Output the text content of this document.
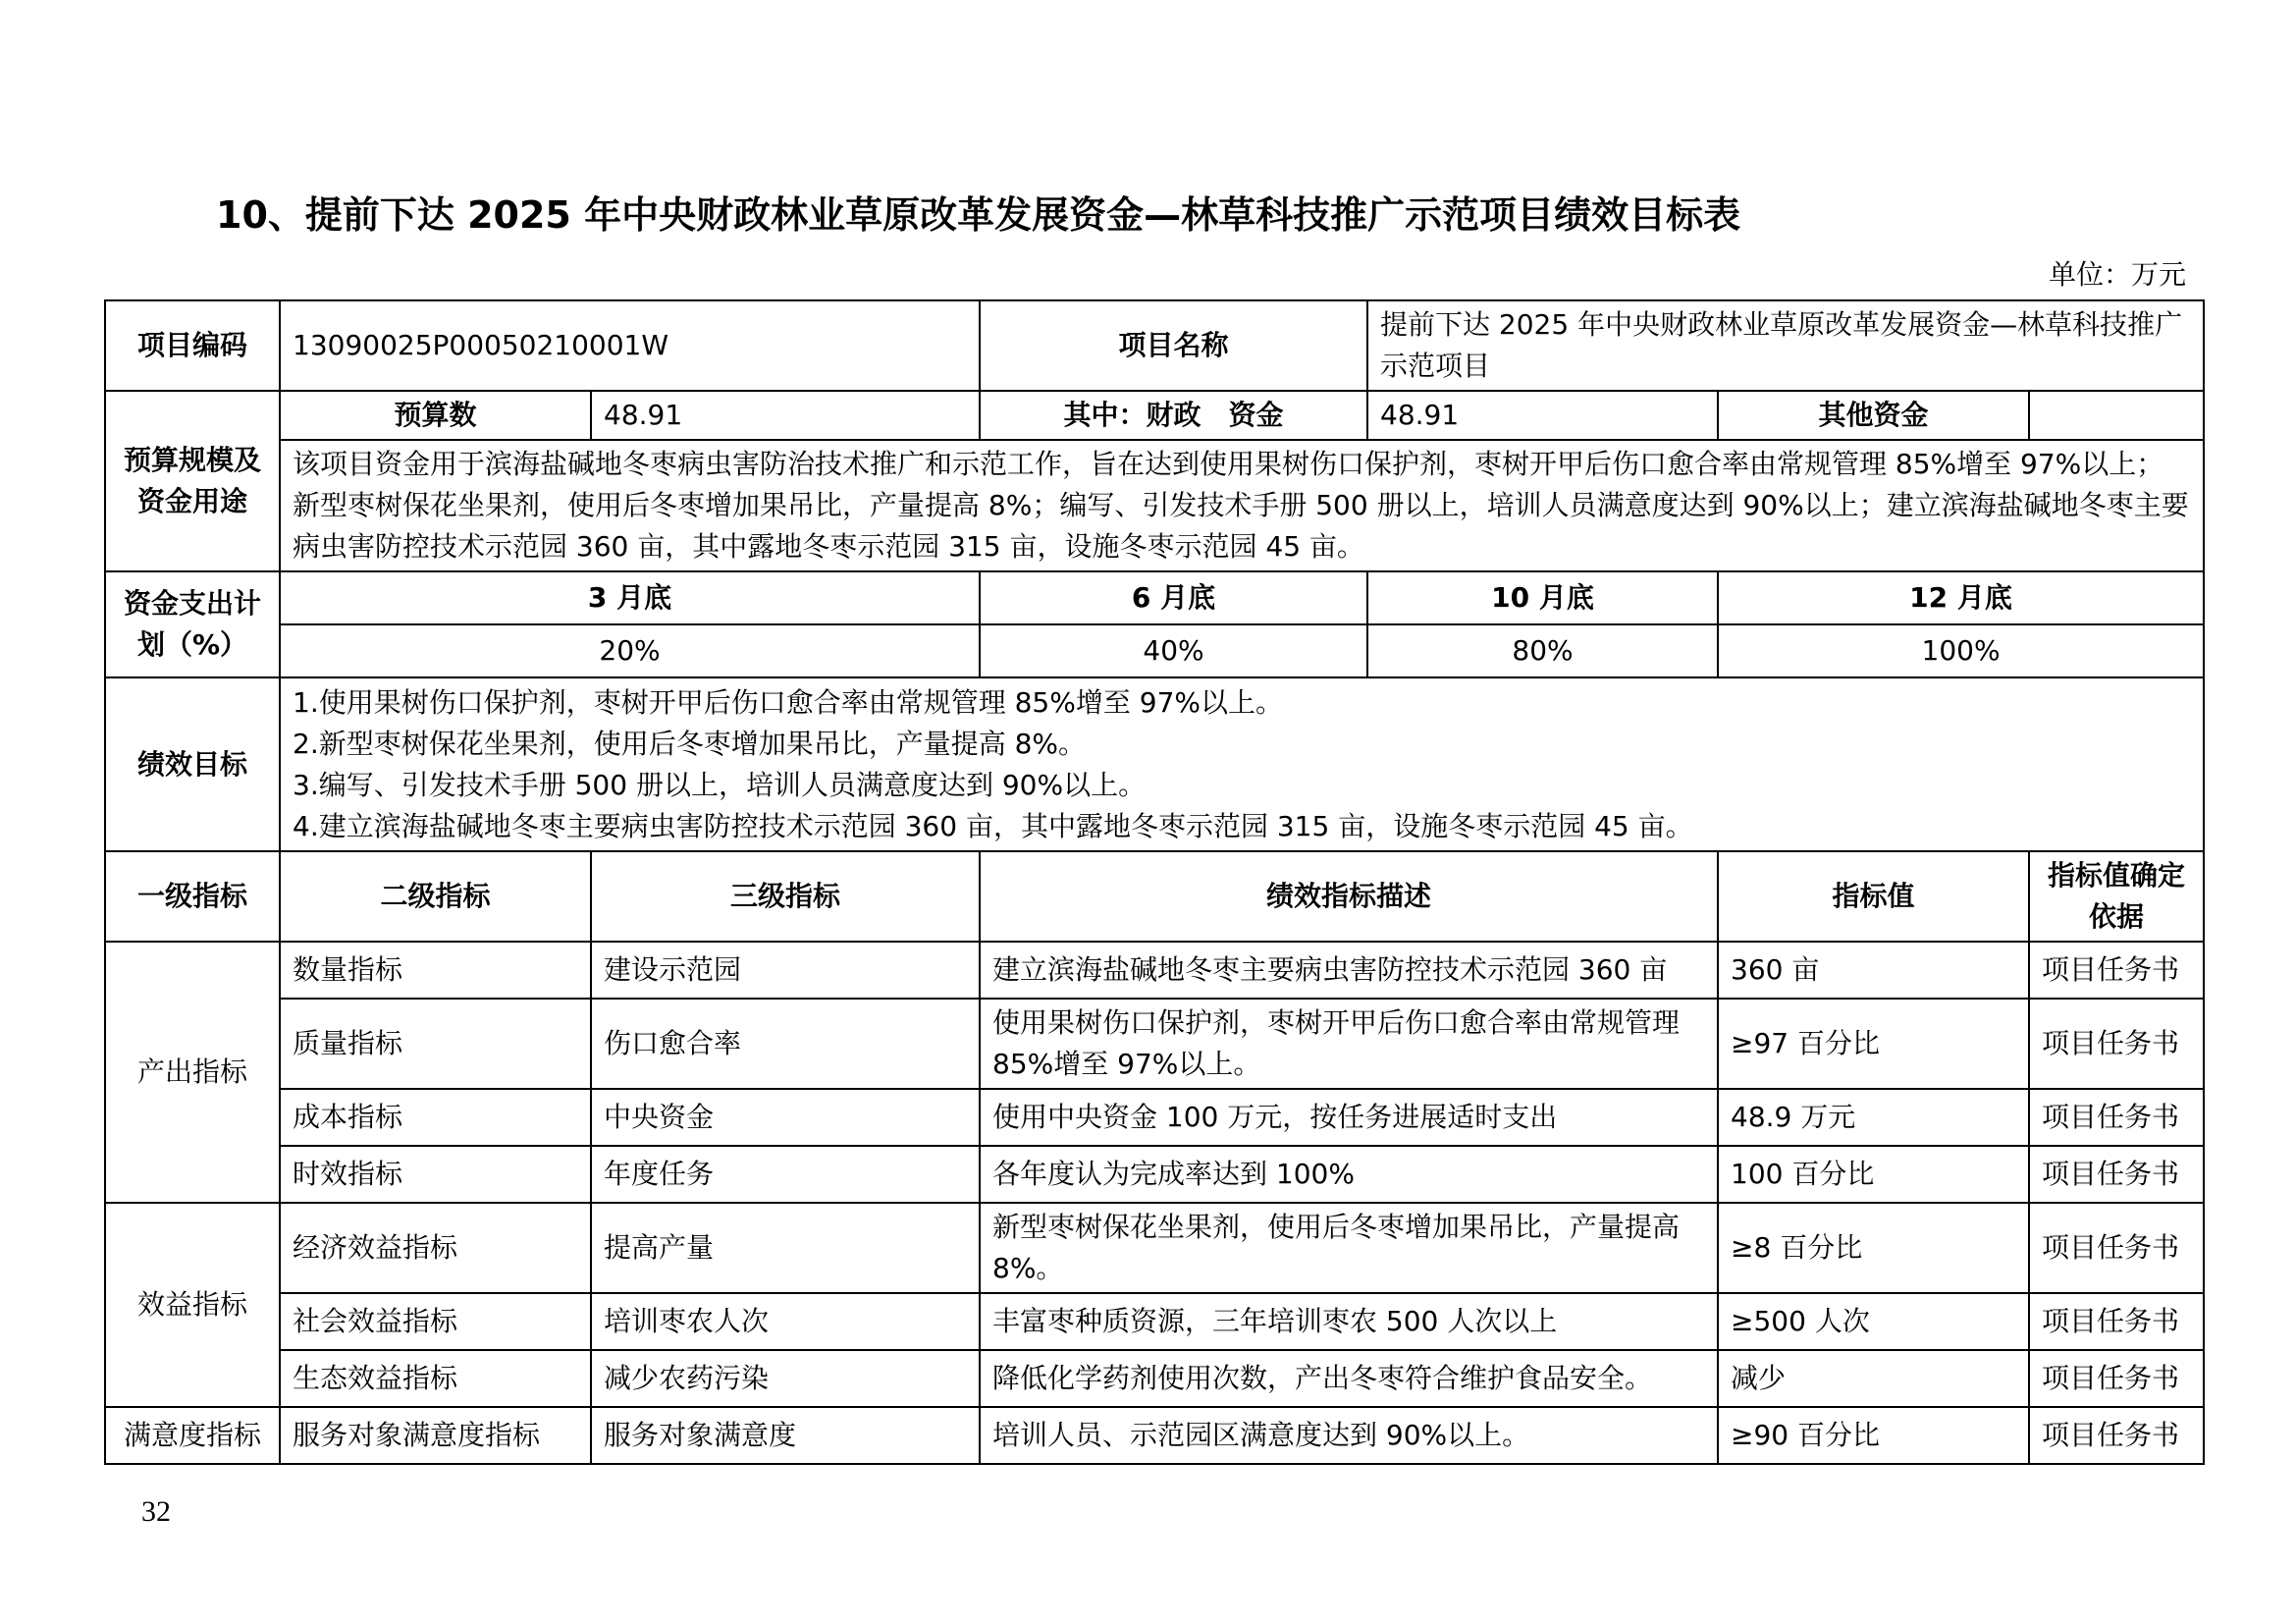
10、提前下达 2025 年中央财政林业草原改革发展资金—林草科技推广示范项目绩效目标表
单位：万元
项目编码	13090025P00050210001W		项目名称	提前下达 2025 年中央财政林业草原改革发展资金—林草科技推广示范项目		
预算规模及资金用途	预算数	48.91	其中：财政　资金	48.91	其他资金	
	该项目资金用于滨海盐碱地冬枣病虫害防治技术推广和示范工作，旨在达到使用果树伤口保护剂，枣树开甲后伤口愈合率由常规管理 85%增至 97%以上；新型枣树保花坐果剂，使用后冬枣增加果吊比，产量提高 8%；编写、引发技术手册 500 册以上，培训人员满意度达到 90%以上；建立滨海盐碱地冬枣主要病虫害防控技术示范园 360 亩，其中露地冬枣示范园 315 亩，设施冬枣示范园 45 亩。					
资金支出计划（%）	3 月底		6 月底	10 月底	12 月底	
	20%		40%	80%	100%	
绩效目标	1.使用果树伤口保护剂，枣树开甲后伤口愈合率由常规管理 85%增至 97%以上。
2.新型枣树保花坐果剂，使用后冬枣增加果吊比，产量提高 8%。
3.编写、引发技术手册 500 册以上，培训人员满意度达到 90%以上。
4.建立滨海盐碱地冬枣主要病虫害防控技术示范园 360 亩，其中露地冬枣示范园 315 亩，设施冬枣示范园 45 亩。					

一级指标	二级指标	三级指标	绩效指标描述		指标值	指标值确定依据
产出指标	数量指标	建设示范园	建立滨海盐碱地冬枣主要病虫害防控技术示范园 360 亩		360 亩	项目任务书
	质量指标	伤口愈合率	使用果树伤口保护剂，枣树开甲后伤口愈合率由常规管理 85%增至 97%以上。		≥97 百分比	项目任务书
	成本指标	中央资金	使用中央资金 100 万元，按任务进展适时支出		48.9 万元	项目任务书
	时效指标	年度任务	各年度认为完成率达到 100%		100 百分比	项目任务书
效益指标	经济效益指标	提高产量	新型枣树保花坐果剂，使用后冬枣增加果吊比，产量提高 8%。		≥8 百分比	项目任务书
	社会效益指标	培训枣农人次	丰富枣种质资源，三年培训枣农 500 人次以上		≥500 人次	项目任务书
	生态效益指标	减少农药污染	降低化学药剂使用次数，产出冬枣符合维护食品安全。		减少	项目任务书
满意度指标	服务对象满意度指标	服务对象满意度	培训人员、示范园区满意度达到 90%以上。		≥90 百分比	项目任务书
32
